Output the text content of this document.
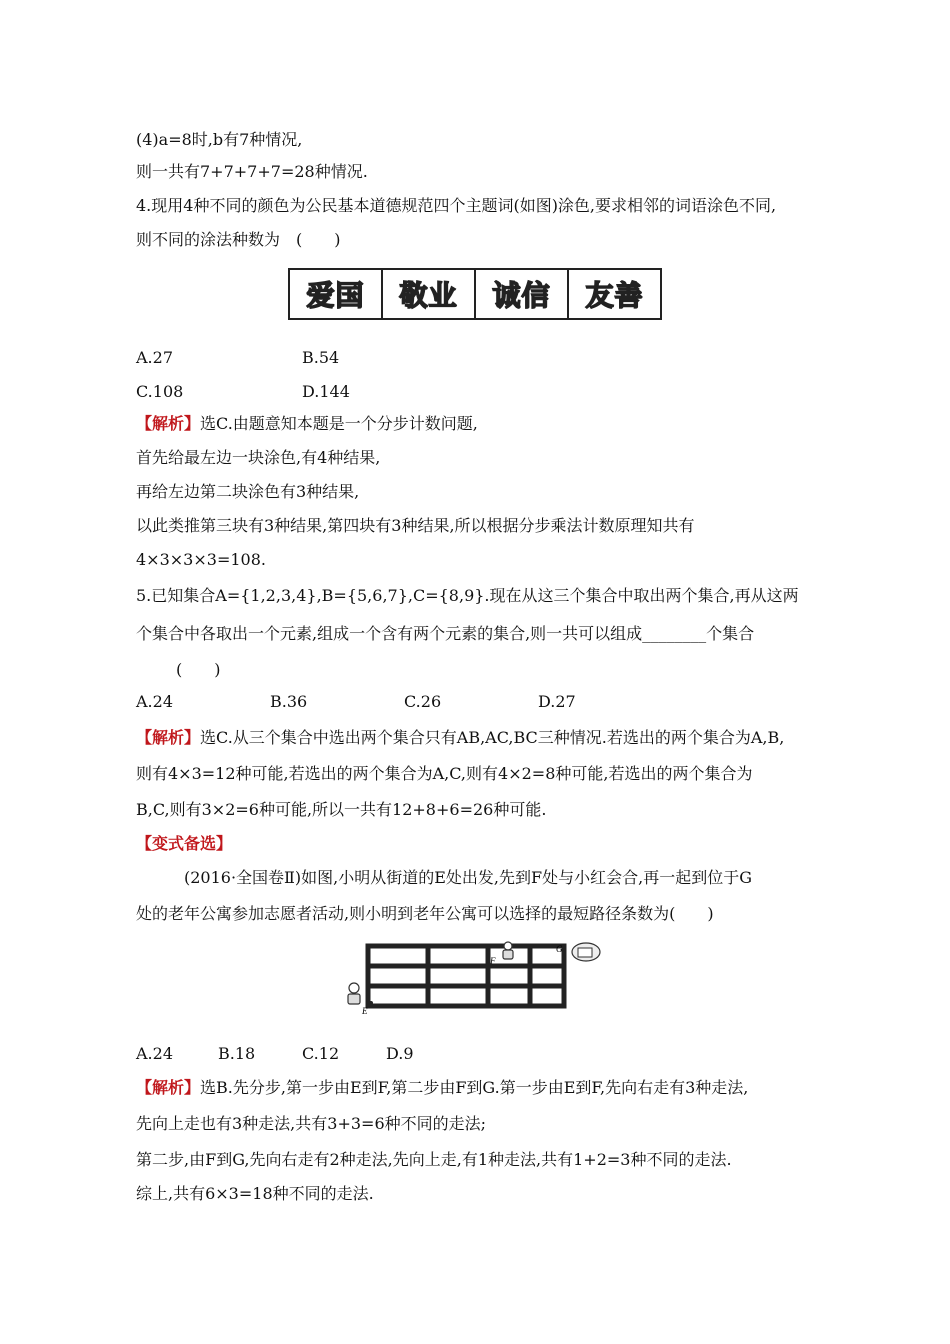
(4)a=8时,b有7种情况,
则一共有7+7+7+7=28种情况.
4.现用4种不同的颜色为公民基本道德规范四个主题词(如图)涂色,要求相邻的词语涂色不同,
则不同的涂法种数为　(　　)
爱国	敬业	诚信	友善
A.27	B.54
C.108	D.144
【解析】选C.由题意知本题是一个分步计数问题,
首先给最左边一块涂色,有4种结果,
再给左边第二块涂色有3种结果,
以此类推第三块有3种结果,第四块有3种结果,所以根据分步乘法计数原理知共有
4×3×3×3=108.
5.已知集合A={1,2,3,4},B={5,6,7},C={8,9}.现在从这三个集合中取出两个集合,再从这两
个集合中各取出一个元素,组成一个含有两个元素的集合,则一共可以组成________个集合
(　　)
A.24	B.36	C.26	D.27
【解析】选C.从三个集合中选出两个集合只有AB,AC,BC三种情况.若选出的两个集合为A,B,
则有4×3=12种可能,若选出的两个集合为A,C,则有4×2=8种可能,若选出的两个集合为
B,C,则有3×2=6种可能,所以一共有12+8+6=26种可能.
【变式备选】
(2016·全国卷Ⅱ)如图,小明从街道的E处出发,先到F处与小红会合,再一起到位于G
处的老年公寓参加志愿者活动,则小明到老年公寓可以选择的最短路径条数为(　　)
E
F
G
A.24	B.18	C.12	D.9
【解析】选B.先分步,第一步由E到F,第二步由F到G.第一步由E到F,先向右走有3种走法,
先向上走也有3种走法,共有3+3=6种不同的走法;
第二步,由F到G,先向右走有2种走法,先向上走,有1种走法,共有1+2=3种不同的走法.
综上,共有6×3=18种不同的走法.
